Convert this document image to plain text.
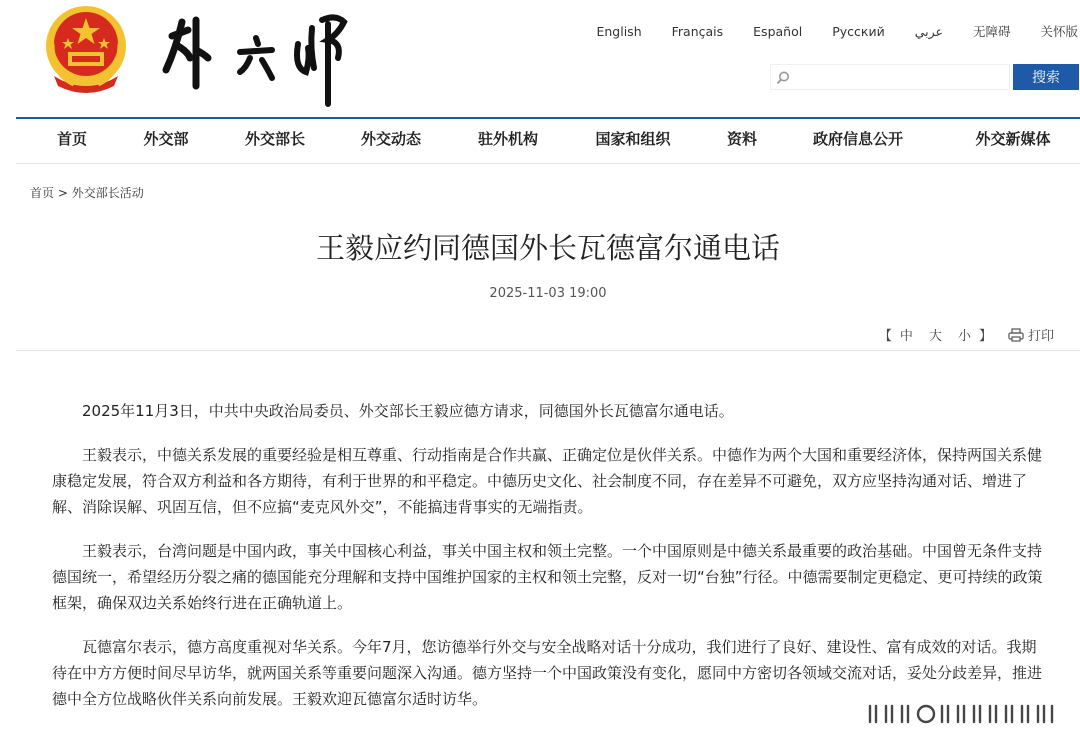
English Français Español Русский عربي 无障碍 关怀版
搜索
首页	外交部	外交部长	外交动态	驻外机构	国家和组织	资料	政府信息公开	外交新媒体
首页 > 外交部长活动
王毅应约同德国外长瓦德富尔通电话
2025-11-03 19:00
【 中 大 小 】	打印

2025年11月3日，中共中央政治局委员、外交部长王毅应德方请求，同德国外长瓦德富尔通电话。

王毅表示，中德关系发展的重要经验是相互尊重、行动指南是合作共赢、正确定位是伙伴关系。中德作为两个大国和重要经济体，保持两国关系健康稳定发展，符合双方利益和各方期待，有利于世界的和平稳定。中德历史文化、社会制度不同，存在差异不可避免，双方应坚持沟通对话、增进了解、消除误解、巩固互信，但不应搞“麦克风外交”，不能搞违背事实的无端指责。

王毅表示，台湾问题是中国内政，事关中国核心利益，事关中国主权和领土完整。一个中国原则是中德关系最重要的政治基础。中国曾无条件支持德国统一，希望经历分裂之痛的德国能充分理解和支持中国维护国家的主权和领土完整，反对一切“台独”行径。中德需要制定更稳定、更可持续的政策框架，确保双边关系始终行进在正确轨道上。

瓦德富尔表示，德方高度重视对华关系。今年7月，您访德举行外交与安全战略对话十分成功，我们进行了良好、建设性、富有成效的对话。我期待在中方方便时间尽早访华，就两国关系等重要问题深入沟通。德方坚持一个中国政策没有变化，愿同中方密切各领域交流对话，妥处分歧差异，推进德中全方位战略伙伴关系向前发展。王毅欢迎瓦德富尔适时访华。
